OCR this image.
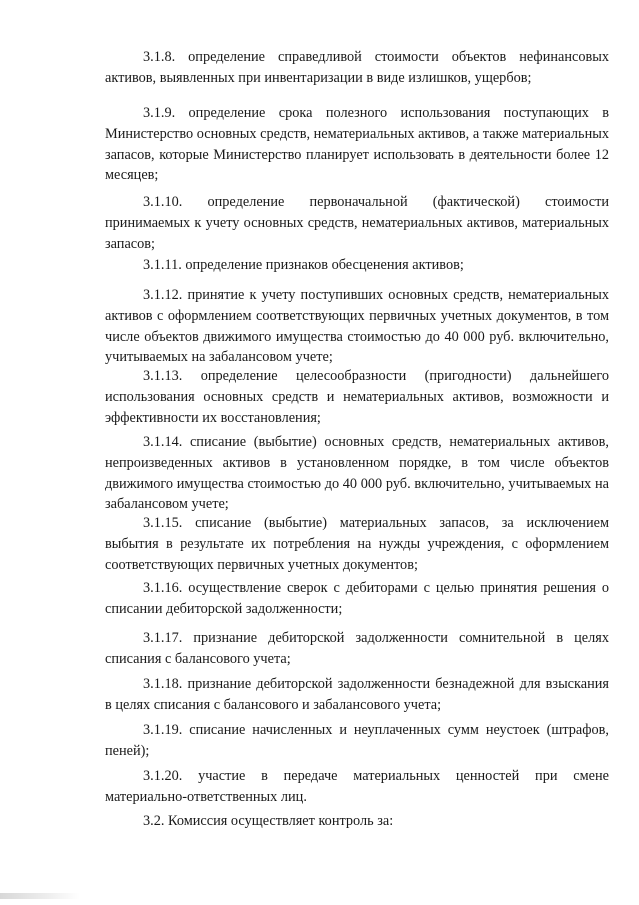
3.1.8. определение справедливой стоимости объектов нефинансовых активов, выявленных при инвентаризации в виде излишков, ущербов;

3.1.9. определение срока полезного использования поступающих в Министерство основных средств, нематериальных активов, а также материальных запасов, которые Министерство планирует использовать в деятельности более 12 месяцев;

3.1.10. определение первоначальной (фактической) стоимости принимаемых к учету основных средств, нематериальных активов, материальных запасов;

3.1.11. определение признаков обесценения активов;

3.1.12. принятие к учету поступивших основных средств, нематериальных активов с оформлением соответствующих первичных учетных документов, в том числе объектов движимого имущества стоимостью до 40 000 руб. включительно, учитываемых на забалансовом учете;

3.1.13. определение целесообразности (пригодности) дальнейшего использования основных средств и нематериальных активов, возможности и эффективности их восстановления;

3.1.14. списание (выбытие) основных средств, нематериальных активов, непроизведенных активов в установленном порядке, в том числе объектов движимого имущества стоимостью до 40 000 руб. включительно, учитываемых на забалансовом учете;

3.1.15. списание (выбытие) материальных запасов, за исключением выбытия в результате их потребления на нужды учреждения, с оформлением соответствующих первичных учетных документов;

3.1.16. осуществление сверок с дебиторами с целью принятия решения о списании дебиторской задолженности;

3.1.17. признание дебиторской задолженности сомнительной в целях списания с балансового учета;

3.1.18. признание дебиторской задолженности безнадежной для взыскания в целях списания с балансового и забалансового учета;

3.1.19. списание начисленных и неуплаченных сумм неустоек (штрафов, пеней);

3.1.20. участие в передаче материальных ценностей при смене материально-ответственных лиц.

3.2. Комиссия осуществляет контроль за:
